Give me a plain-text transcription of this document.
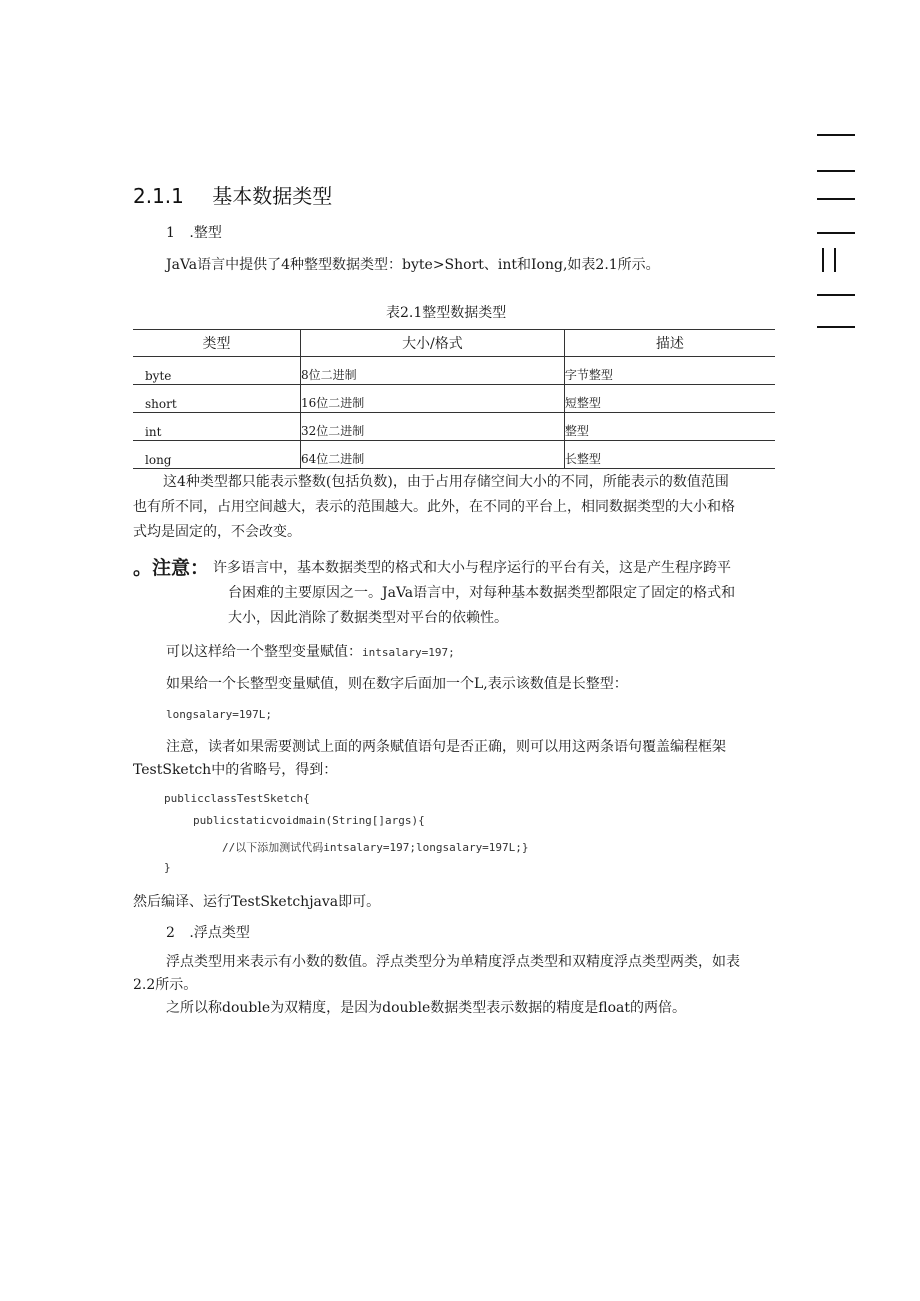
2.1.1 基本数据类型
1 .整型
JaVa语言中提供了4种整型数据类型：byte>Short、int和Iong,如表2.1所示。
表2.1整型数据类型
类型	大小/格式	描述
byte	8位二进制	字节整型
short	16位二进制	短整型
int	32位二进制	整型
long	64位二进制	长整型
这4种类型都只能表示整数(包括负数)，由于占用存储空间大小的不同，所能表示的数值范围
也有所不同，占用空间越大，表示的范围越大。此外，在不同的平台上，相同数据类型的大小和格
式均是固定的，不会改变。
。注意： 许多语言中，基本数据类型的格式和大小与程序运行的平台有关，这是产生程序跨平
台困难的主要原因之一。JaVa语言中，对每种基本数据类型都限定了固定的格式和
大小，因此消除了数据类型对平台的依赖性。
可以这样给一个整型变量赋值：intsalary=197;
如果给一个长整型变量赋值，则在数字后面加一个L,表示该数值是长整型：
longsalary=197L;
注意，读者如果需要测试上面的两条赋值语句是否正确，则可以用这两条语句覆盖编程框架
TestSketch中的省略号，得到：
publicclassTestSketch{
publicstaticvoidmain(String[]args){
//以下添加测试代码intsalary=197;longsalary=197L;}
}
然后编译、运行TestSketchjava即可。
2 .浮点类型
浮点类型用来表示有小数的数值。浮点类型分为单精度浮点类型和双精度浮点类型两类，如表
2.2所示。
之所以称double为双精度，是因为double数据类型表示数据的精度是float的两倍。
